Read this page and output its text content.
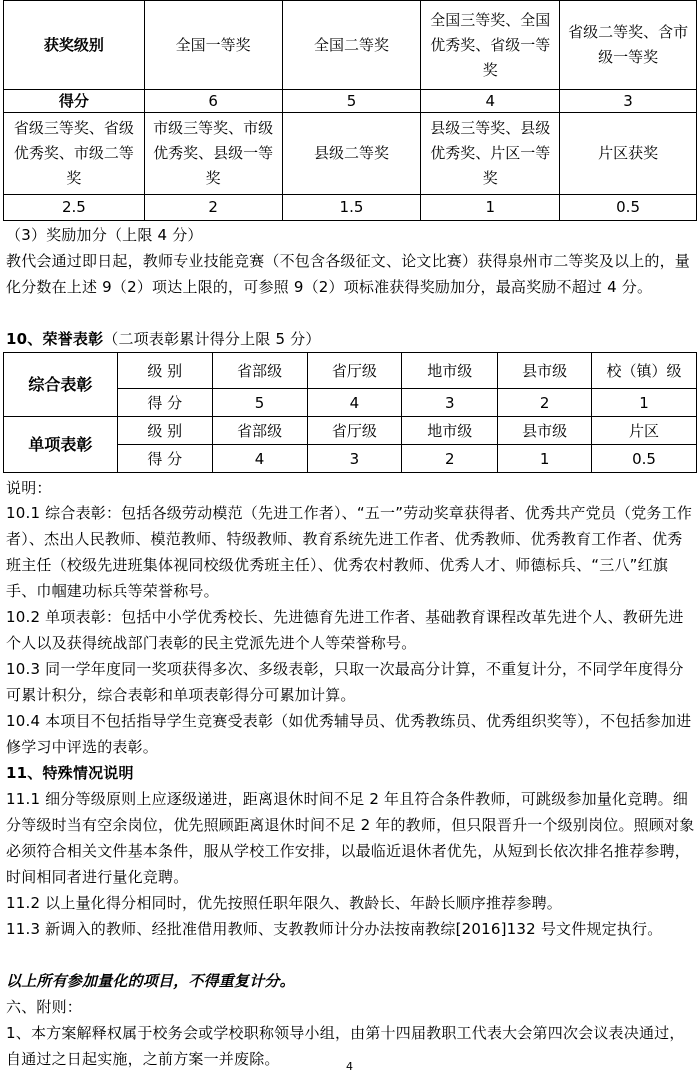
获奖级别	全国一等奖	全国二等奖	全国三等奖、全国优秀奖、省级一等奖	省级二等奖、含市级一等奖
得分	6	5	4	3
省级三等奖、省级优秀奖、市级二等奖	市级三等奖、市级优秀奖、县级一等奖	县级二等奖	县级三等奖、县级优秀奖、片区一等奖	片区获奖
2.5	2	1.5	1	0.5
（3）奖励加分（上限 4 分）
教代会通过即日起，教师专业技能竞赛（不包含各级征文、论文比赛）获得泉州市二等奖及以上的，量化分数在上述 9（2）项达上限的，可参照 9（2）项标准获得奖励加分，最高奖励不超过 4 分。
10、荣誉表彰（二项表彰累计得分上限 5 分）
综合表彰	级 别	省部级	省厅级	地市级	县市级	校（镇）级
	得 分	5	4	3	2	1
单项表彰	级 别	省部级	省厅级	地市级	县市级	片区
	得 分	4	3	2	1	0.5
说明：
10.1 综合表彰：包括各级劳动模范（先进工作者）、“五一”劳动奖章获得者、优秀共产党员（党务工作者）、杰出人民教师、模范教师、特级教师、教育系统先进工作者、优秀教师、优秀教育工作者、优秀班主任（校级先进班集体视同校级优秀班主任）、优秀农村教师、优秀人才、师德标兵、“三八”红旗手、巾帼建功标兵等荣誉称号。
10.2 单项表彰：包括中小学优秀校长、先进德育先进工作者、基础教育课程改革先进个人、教研先进个人以及获得统战部门表彰的民主党派先进个人等荣誉称号。
10.3 同一学年度同一奖项获得多次、多级表彰，只取一次最高分计算，不重复计分，不同学年度得分可累计积分，综合表彰和单项表彰得分可累加计算。
10.4 本项目不包括指导学生竞赛受表彰（如优秀辅导员、优秀教练员、优秀组织奖等），不包括参加进修学习中评选的表彰。
11、特殊情况说明
11.1 细分等级原则上应逐级递进，距离退休时间不足 2 年且符合条件教师，可跳级参加量化竞聘。细分等级时当有空余岗位，优先照顾距离退休时间不足 2 年的教师，但只限晋升一个级别岗位。照顾对象必须符合相关文件基本条件，服从学校工作安排，以最临近退休者优先，从短到长依次排名推荐参聘，时间相同者进行量化竞聘。
11.2 以上量化得分相同时，优先按照任职年限久、教龄长、年龄长顺序推荐参聘。
11.3 新调入的教师、经批准借用教师、支教教师计分办法按南教综[2016]132 号文件规定执行。
以上所有参加量化的项目，不得重复计分。
六、附则：
1、本方案解释权属于校务会或学校职称领导小组，由第十四届教职工代表大会第四次会议表决通过，自通过之日起实施，之前方案一并废除。	4
